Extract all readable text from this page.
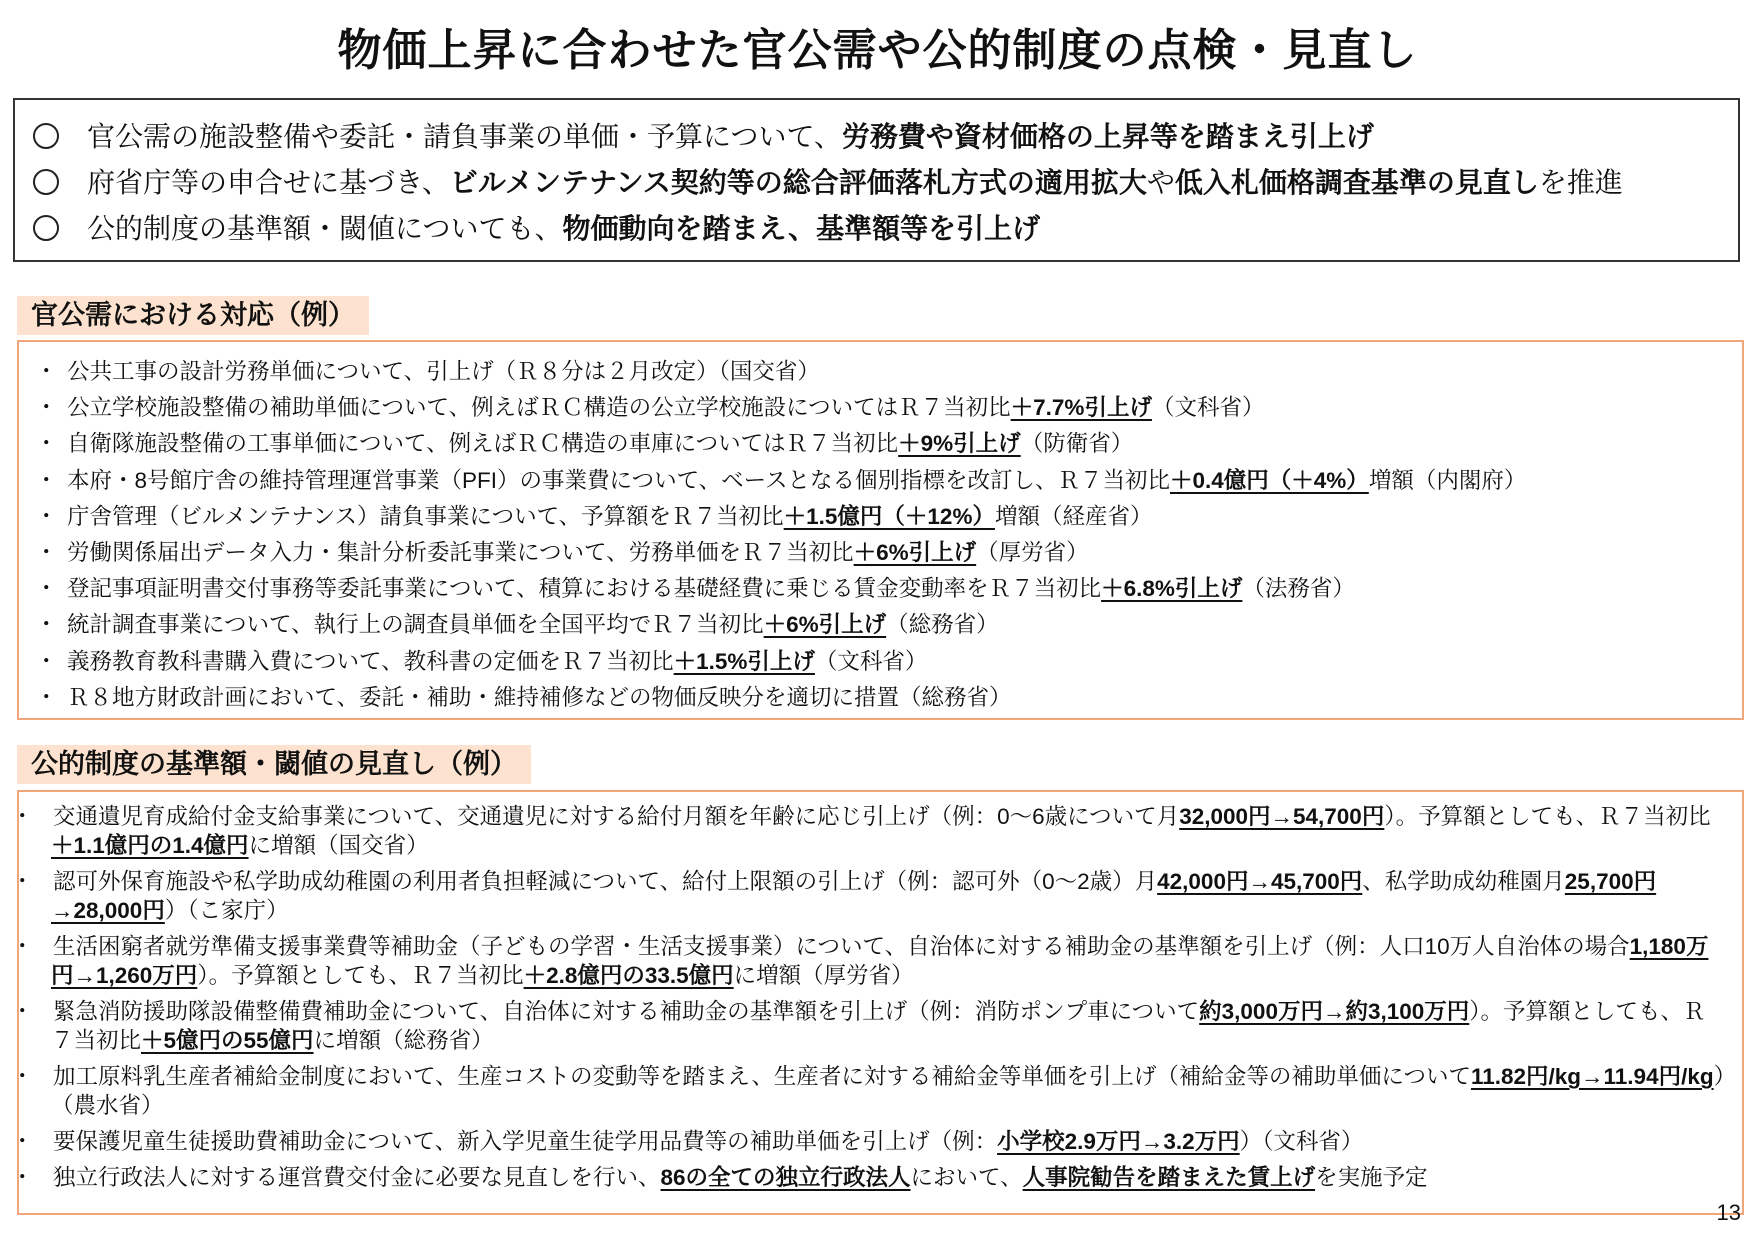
物価上昇に合わせた官公需や公的制度の点検・見直し
官公需の施設整備や委託・請負事業の単価・予算について、労務費や資材価格の上昇等を踏まえ引上げ
府省庁等の申合せに基づき、ビルメンテナンス契約等の総合評価落札方式の適用拡大や低入札価格調査基準の見直しを推進
公的制度の基準額・閾値についても、物価動向を踏まえ、基準額等を引上げ
官公需における対応（例）
・ 公共工事の設計労務単価について、引上げ（Ｒ８分は２月改定）（国交省）
・ 公立学校施設整備の補助単価について、例えばＲＣ構造の公立学校施設についてはＲ７当初比＋7.7%引上げ（文科省）
・ 自衛隊施設整備の工事単価について、例えばＲＣ構造の車庫についてはＲ７当初比＋9%引上げ（防衛省）
・ 本府・8号館庁舎の維持管理運営事業（PFI）の事業費について、ベースとなる個別指標を改訂し、Ｒ７当初比＋0.4億円（＋4%）増額（内閣府）
・ 庁舎管理（ビルメンテナンス）請負事業について、予算額をＲ７当初比＋1.5億円（＋12%）増額（経産省）
・ 労働関係届出データ入力・集計分析委託事業について、労務単価をＲ７当初比＋6%引上げ（厚労省）
・ 登記事項証明書交付事務等委託事業について、積算における基礎経費に乗じる賃金変動率をＲ７当初比＋6.8%引上げ（法務省）
・ 統計調査事業について、執行上の調査員単価を全国平均でＲ７当初比＋6%引上げ（総務省）
・ 義務教育教科書購入費について、教科書の定価をＲ７当初比＋1.5%引上げ（文科省）
・ Ｒ８地方財政計画において、委託・補助・維持補修などの物価反映分を適切に措置（総務省）
公的制度の基準額・閾値の見直し（例）
・ 交通遺児育成給付金支給事業について、交通遺児に対する給付月額を年齢に応じ引上げ（例：0～6歳について月32,000円→54,700円）。予算額としても、Ｒ７当初比＋1.1億円の1.4億円に増額（国交省）
・ 認可外保育施設や私学助成幼稚園の利用者負担軽減について、給付上限額の引上げ（例：認可外（0～2歳）月42,000円→45,700円、私学助成幼稚園月25,700円→28,000円）（こ家庁）
・ 生活困窮者就労準備支援事業費等補助金（子どもの学習・生活支援事業）について、自治体に対する補助金の基準額を引上げ（例：人口10万人自治体の場合1,180万円→1,260万円）。予算額としても、Ｒ７当初比＋2.8億円の33.5億円に増額（厚労省）
・ 緊急消防援助隊設備整備費補助金について、自治体に対する補助金の基準額を引上げ（例：消防ポンプ車について約3,000万円→約3,100万円）。予算額としても、Ｒ７当初比＋5億円の55億円に増額（総務省）
・ 加工原料乳生産者補給金制度において、生産コストの変動等を踏まえ、生産者に対する補給金等単価を引上げ（補給金等の補助単価について11.82円/kg→11.94円/kg）（農水省）
・ 要保護児童生徒援助費補助金について、新入学児童生徒学用品費等の補助単価を引上げ（例：小学校2.9万円→3.2万円）（文科省）
・ 独立行政法人に対する運営費交付金に必要な見直しを行い、86の全ての独立行政法人において、人事院勧告を踏まえた賃上げを実施予定
13
